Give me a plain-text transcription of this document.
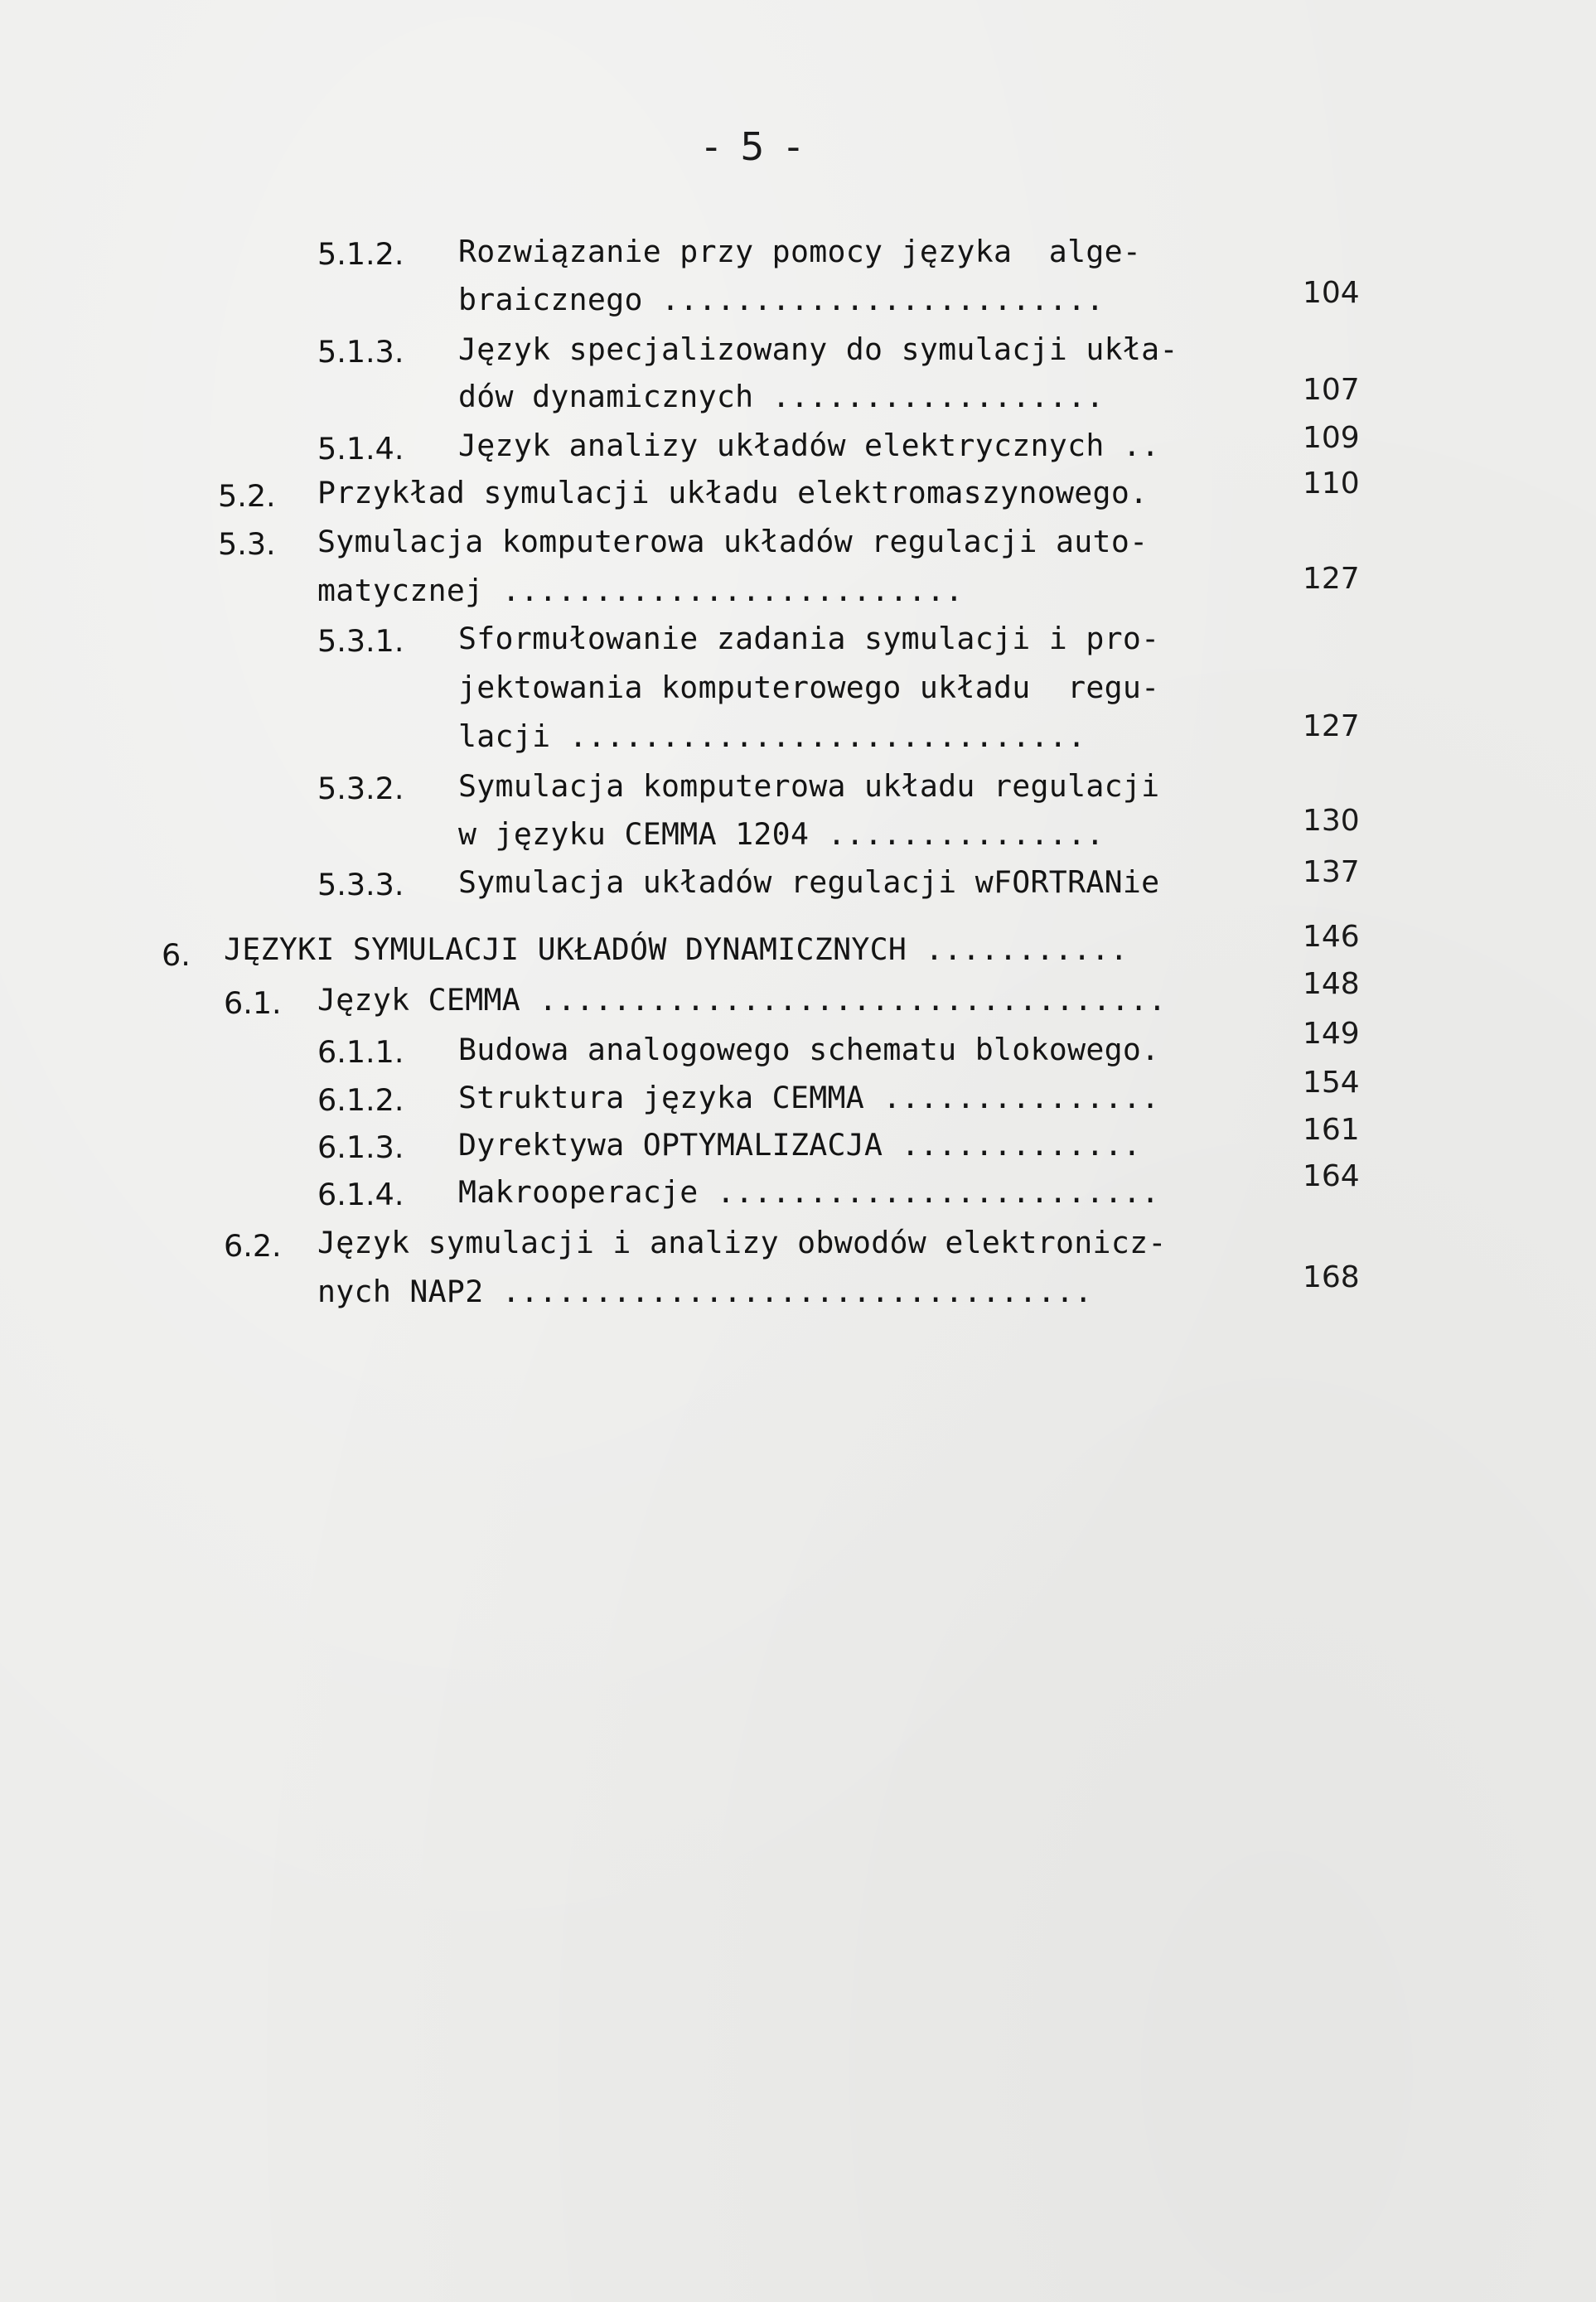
- 5 -
5.1.2. Rozwiązanie przy pomocy języka  alge-
braicznego ........................	104
5.1.3. Język specjalizowany do symulacji ukła-
dów dynamicznych ..................	107
5.1.4. Język analizy układów elektrycznych ..	109
5.2. Przykład symulacji układu elektromaszynowego.	110
5.3. Symulacja komputerowa układów regulacji auto-
matycznej .........................	127
5.3.1. Sformułowanie zadania symulacji i pro-
jektowania komputerowego układu  regu-
lacji ............................	127
5.3.2. Symulacja komputerowa układu regulacji
w języku CEMMA 1204 ...............	130
5.3.3. Symulacja układów regulacji wFORTRANie	137
6. JĘZYKI SYMULACJI UKŁADÓW DYNAMICZNYCH ...........	146
6.1. Język CEMMA ..................................	148
6.1.1. Budowa analogowego schematu blokowego.	149
6.1.2. Struktura języka CEMMA ...............	154
6.1.3. Dyrektywa OPTYMALIZACJA .............	161
6.1.4. Makrooperacje ........................	164
6.2. Język symulacji i analizy obwodów elektronicz-
nych NAP2 ................................	168
